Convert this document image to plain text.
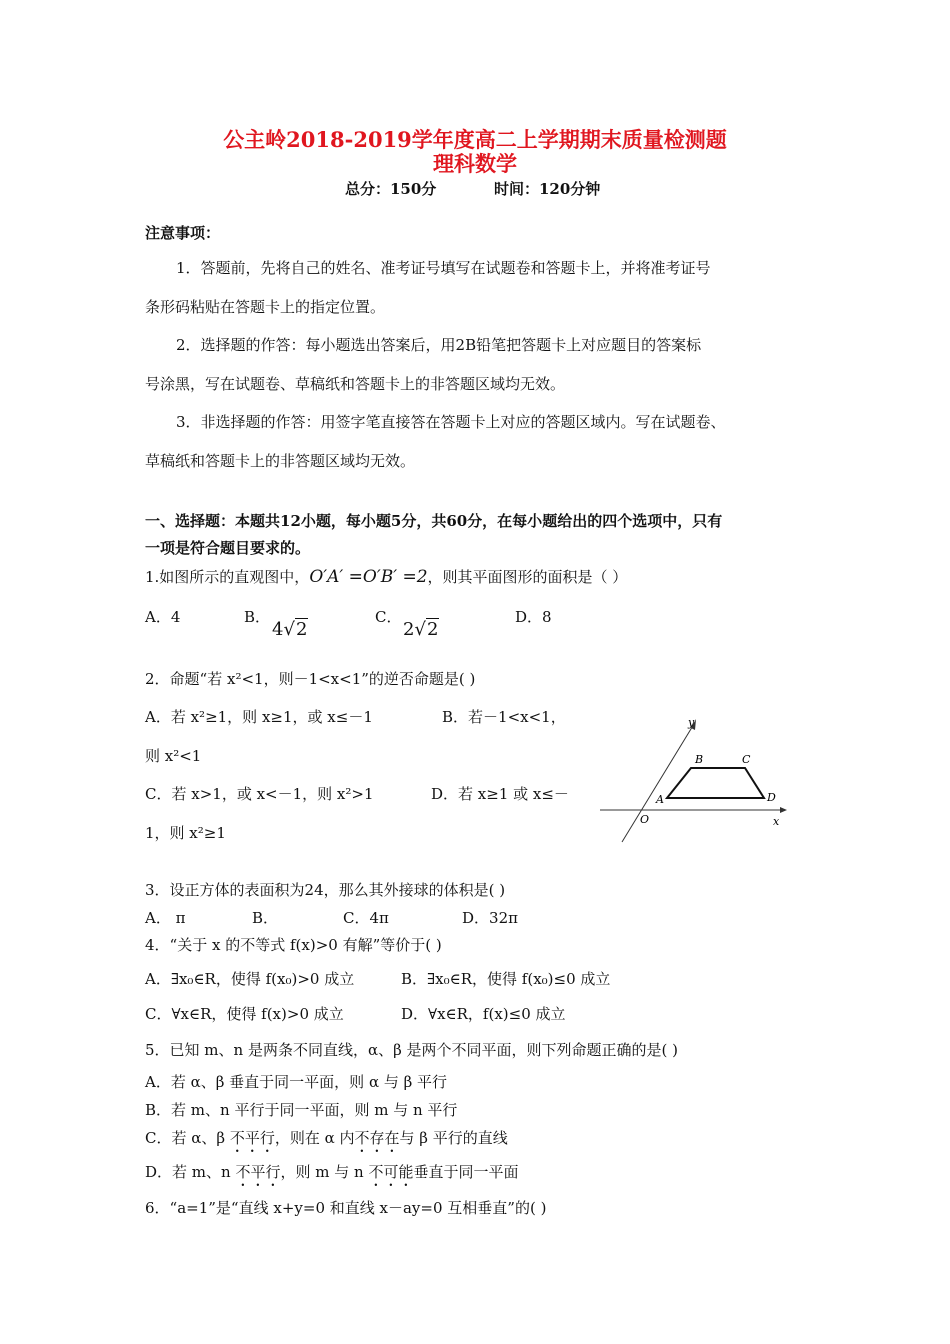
公主岭2018-2019学年度高二上学期期末质量检测题
理科数学
总分：150分	时间：120分钟
注意事项：
1．答题前，先将自己的姓名、准考证号填写在试题卷和答题卡上，并将准考证号
条形码粘贴在答题卡上的指定位置。
2．选择题的作答：每小题选出答案后，用2B铅笔把答题卡上对应题目的答案标
号涂黑，写在试题卷、草稿纸和答题卡上的非答题区域均无效。
3．非选择题的作答：用签字笔直接答在答题卡上对应的答题区域内。写在试题卷、
草稿纸和答题卡上的非答题区域均无效。
一、选择题：本题共12小题，每小题5分，共60分，在每小题给出的四个选项中，只有
一项是符合题目要求的。
1.如图所示的直观图中，O′A′ =O′B′ =2，则其平面图形的面积是（ ）
A．4	B．
4√2
C．
2√2
D．8
2．命题“若 x²<1，则－1<x<1”的逆否命题是( )
A．若 x²≥1，则 x≥1，或 x≤－1	B．若－1<x<1，
则 x²<1
C．若 x>1，或 x<－1，则 x²>1	D．若 x≥1 或 x≤－
1，则 x²≥1
y
x
O
A
B	C
D
3．设正方体的表面积为24，那么其外接球的体积是( )
A． π	B．	C．4π	D．32π
4．“关于 x 的不等式 f(x)>0 有解”等价于( )
A．∃x₀∈R，使得 f(x₀)>0 成立	B．∃x₀∈R，使得 f(x₀)≤0 成立
C．∀x∈R，使得 f(x)>0 成立	D．∀x∈R，f(x)≤0 成立
5．已知 m、n 是两条不同直线，α、β 是两个不同平面，则下列命题正确的是( )
A．若 α、β 垂直于同一平面，则 α 与 β 平行
B．若 m、n 平行于同一平面，则 m 与 n 平行
C．若 α、β 不平行，则在 α 内不存在与 β 平行的直线
D．若 m、n 不平行，则 m 与 n 不可能垂直于同一平面
6．“a=1”是“直线 x+y=0 和直线 x－ay=0 互相垂直”的( )
